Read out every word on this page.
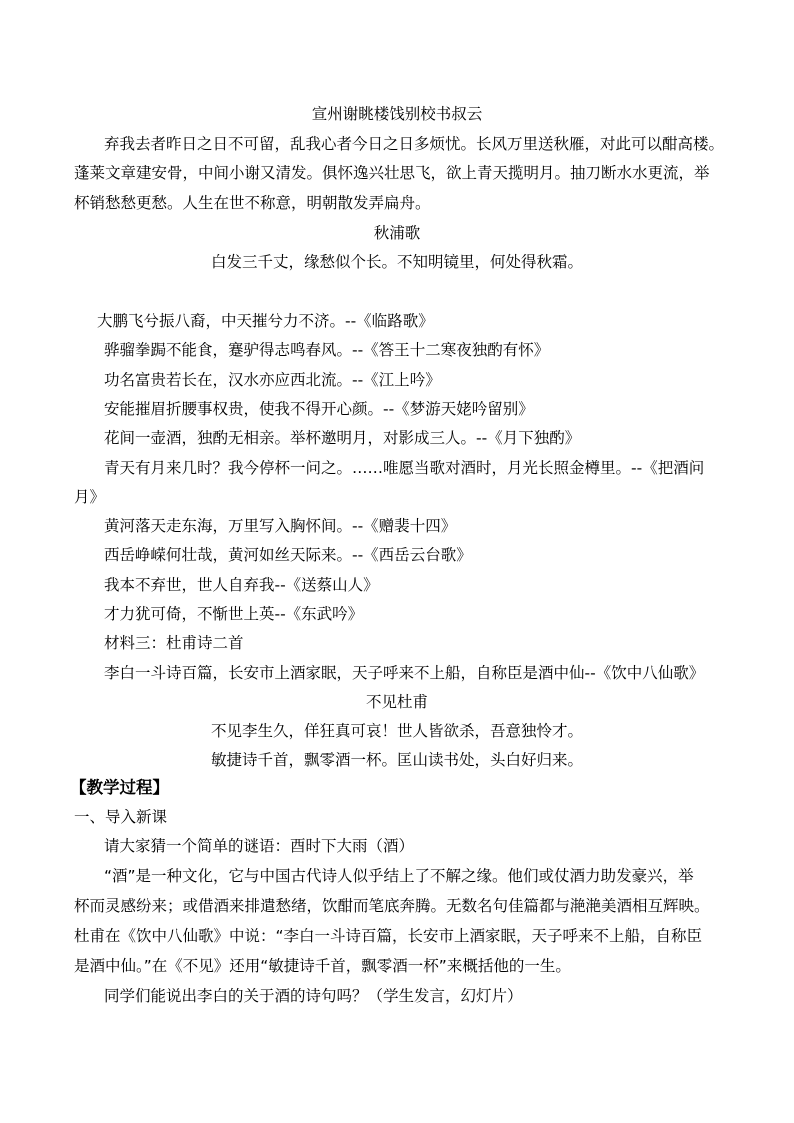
宣州谢眺楼饯别校书叔云
弃我去者昨日之日不可留，乱我心者今日之日多烦忧。长风万里送秋雁，对此可以酣高楼。
蓬莱文章建安骨，中间小谢又清发。俱怀逸兴壮思飞，欲上青天揽明月。抽刀断水水更流，举
杯销愁愁更愁。人生在世不称意，明朝散发弄扁舟。
秋浦歌
白发三千丈，缘愁似个长。不知明镜里，何处得秋霜。
大鹏飞兮振八裔，中天摧兮力不济。--《临路歌》
骅骝拳跼不能食，蹇驴得志鸣春风。--《答王十二寒夜独酌有怀》
功名富贵若长在，汉水亦应西北流。--《江上吟》
安能摧眉折腰事权贵，使我不得开心颜。--《梦游天姥吟留别》
花间一壶酒，独酌无相亲。举杯邀明月，对影成三人。--《月下独酌》
青天有月来几时？我今停杯一问之。……唯愿当歌对酒时，月光长照金樽里。--《把酒问
月》
黄河落天走东海，万里写入胸怀间。--《赠裴十四》
西岳峥嵘何壮哉，黄河如丝天际来。--《西岳云台歌》
我本不弃世，世人自弃我--《送蔡山人》
才力犹可倚，不惭世上英--《东武吟》
材料三：杜甫诗二首
李白一斗诗百篇，长安市上酒家眠，天子呼来不上船，自称臣是酒中仙--《饮中八仙歌》
不见杜甫
不见李生久，佯狂真可哀！世人皆欲杀，吾意独怜才。
敏捷诗千首，飘零酒一杯。匡山读书处，头白好归来。
【教学过程】
一、导入新课
请大家猜一个简单的谜语：酉时下大雨（酒）
“酒”是一种文化，它与中国古代诗人似乎结上了不解之缘。他们或仗酒力助发豪兴，举
杯而灵感纷来；或借酒来排遣愁绪，饮酣而笔底奔腾。无数名句佳篇都与滟滟美酒相互辉映。
杜甫在《饮中八仙歌》中说：“李白一斗诗百篇，长安市上酒家眠，天子呼来不上船，自称臣
是酒中仙。”在《不见》还用“敏捷诗千首，飘零酒一杯”来概括他的一生。
同学们能说出李白的关于酒的诗句吗？（学生发言，幻灯片）
